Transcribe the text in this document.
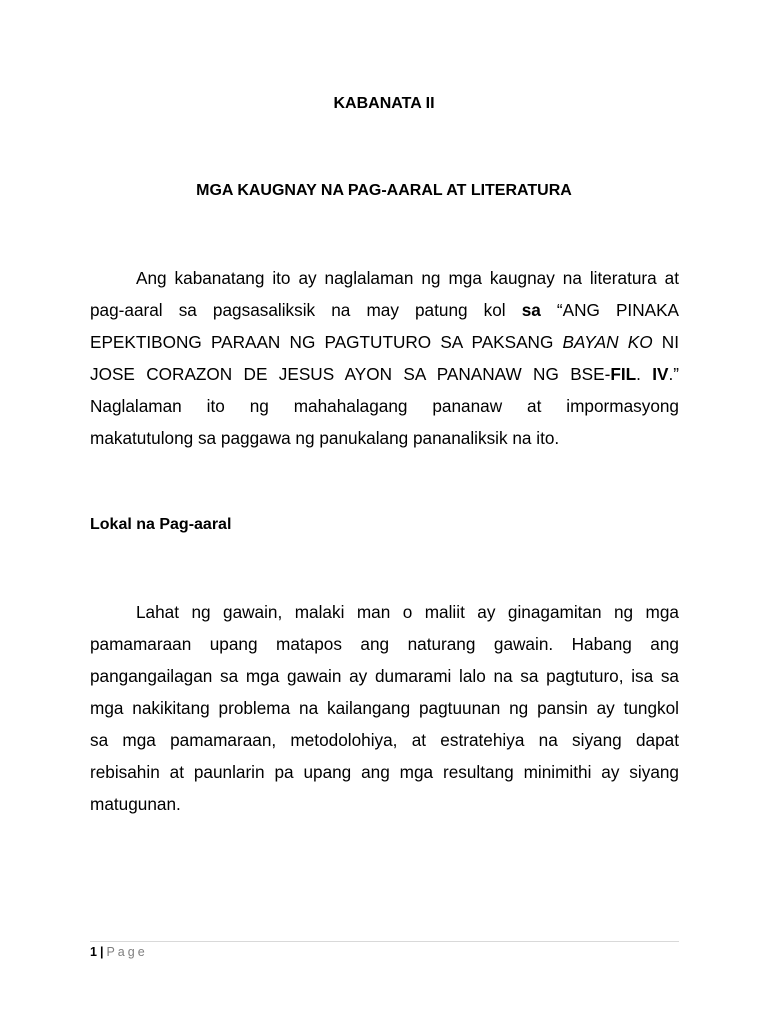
KABANATA II
MGA KAUGNAY NA PAG-AARAL AT LITERATURA
Ang kabanatang ito ay naglalaman ng mga kaugnay na literatura at
pag-aaral sa pagsasaliksik na may patung kol sa “ANG PINAKA
EPEKTIBONG PARAAN NG PAGTUTURO SA PAKSANG BAYAN KO NI
JOSE CORAZON DE JESUS AYON SA PANANAW NG BSE-FIL. IV.”
Naglalaman ito ng mahahalagang pananaw at impormasyong
makatutulong sa paggawa ng panukalang pananaliksik na ito.
Lokal na Pag-aaral
Lahat ng gawain, malaki man o maliit ay ginagamitan ng mga
pamamaraan upang matapos ang naturang gawain. Habang ang
pangangailagan sa mga gawain ay dumarami lalo na sa pagtuturo, isa sa
mga nakikitang problema na kailangang pagtuunan ng pansin ay tungkol
sa mga pamamaraan, metodolohiya, at estratehiya na siyang dapat
rebisahin at paunlarin pa upang ang mga resultang minimithi ay siyang
matugunan.
1 | Page
